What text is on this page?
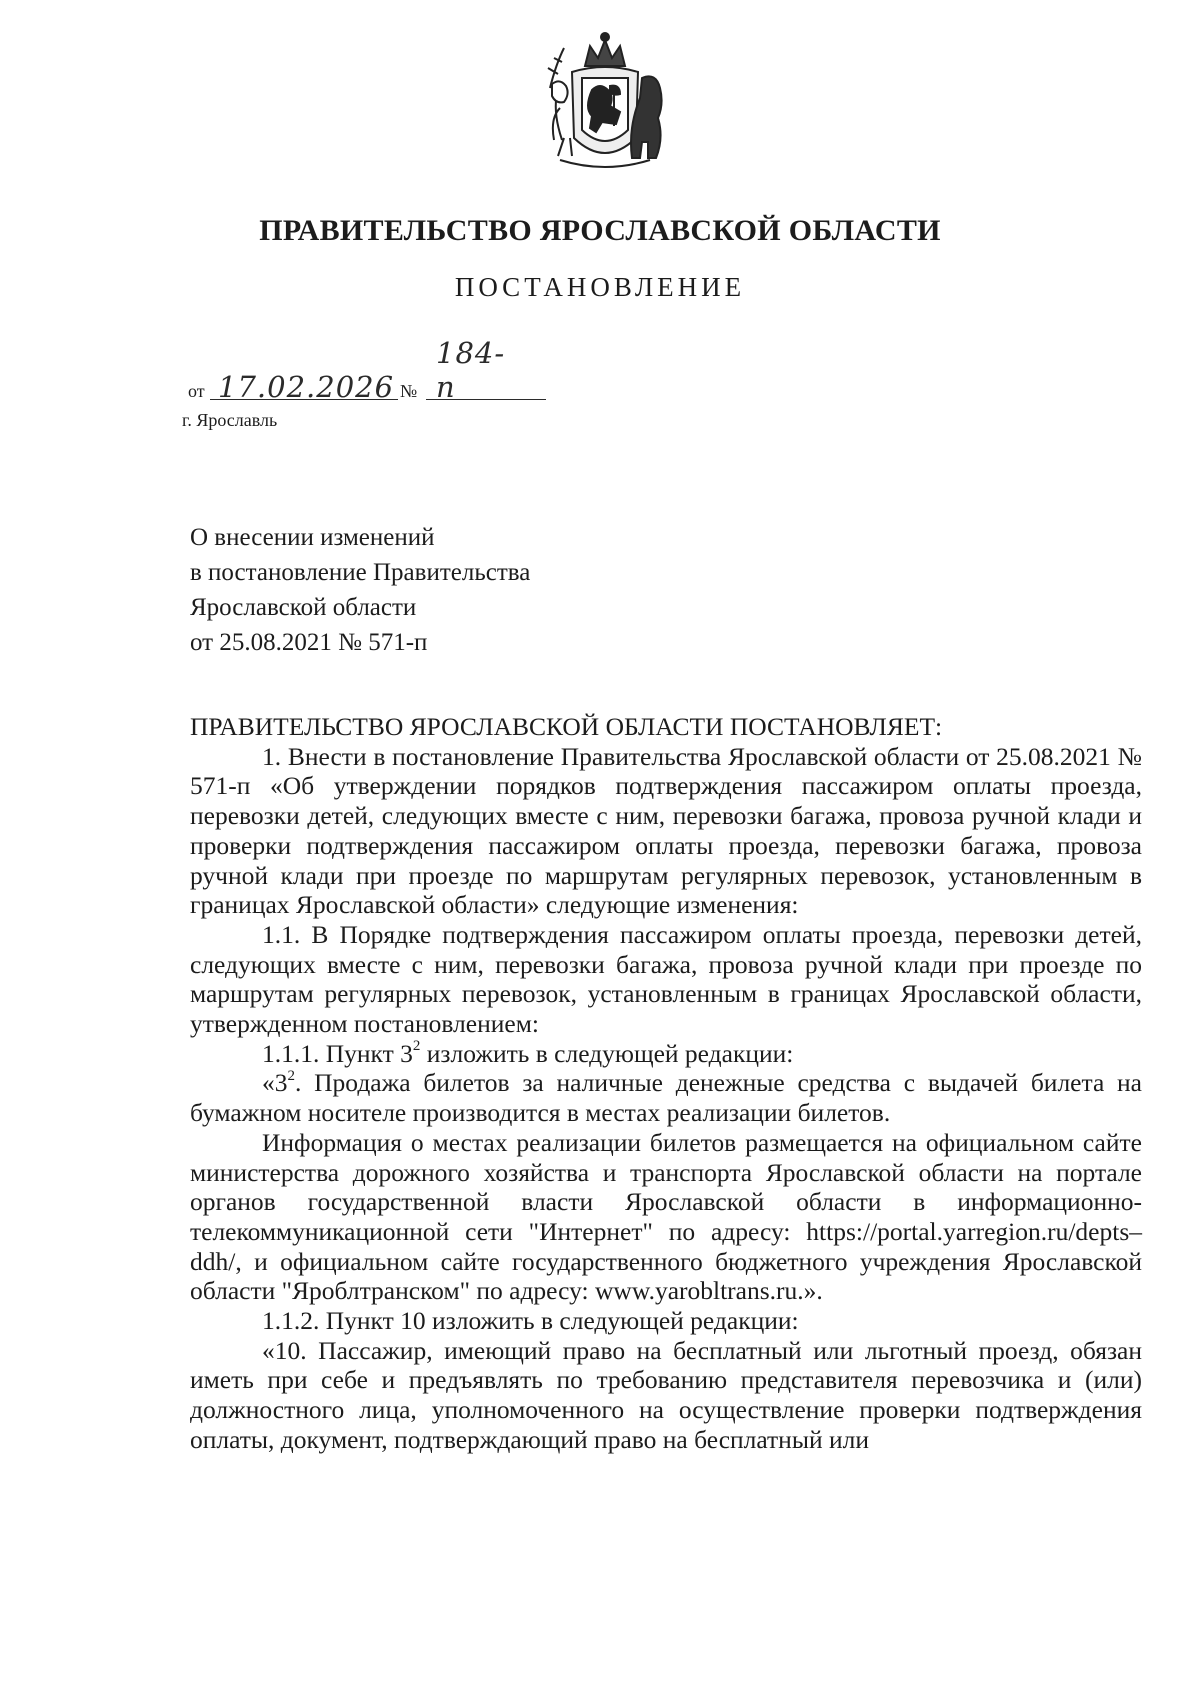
ПРАВИТЕЛЬСТВО ЯРОСЛАВСКОЙ ОБЛАСТИ
ПОСТАНОВЛЕНИЕ
от 17.02.2026 №
184-п
г. Ярославль
О внесении изменений
в постановление Правительства
Ярославской области
от 25.08.2021 № 571-п

ПРАВИТЕЛЬСТВО ЯРОСЛАВСКОЙ ОБЛАСТИ ПОСТАНОВЛЯЕТ:

1. Внести в постановление Правительства Ярославской области от 25.08.2021 № 571-п «Об утверждении порядков подтверждения пассажиром оплаты проезда, перевозки детей, следующих вместе с ним, перевозки багажа, провоза ручной клади и проверки подтверждения пассажиром оплаты проезда, перевозки багажа, провоза ручной клади при проезде по маршрутам регулярных перевозок, установленным в границах Ярославской области» следующие изменения:

1.1. В Порядке подтверждения пассажиром оплаты проезда, перевозки детей, следующих вместе с ним, перевозки багажа, провоза ручной клади при проезде по маршрутам регулярных перевозок, установленным в границах Ярославской области, утвержденном постановлением:

1.1.1. Пункт $3^2$ изложить в следующей редакции:

«$3^2$. Продажа билетов за наличные денежные средства с выдачей билета на бумажном носителе производится в местах реализации билетов.

Информация о местах реализации билетов размещается на официальном сайте министерства дорожного хозяйства и транспорта Ярославской области на портале органов государственной власти Ярославской области в информационно-телекоммуникационной сети "Интернет" по адресу: https://portal.yarregion.ru/depts–ddh/, и официальном сайте государственного бюджетного учреждения Ярославской области "Яроблтранском" по адресу: www.yarobltrans.ru.».

1.1.2. Пункт 10 изложить в следующей редакции:

«10. Пассажир, имеющий право на бесплатный или льготный проезд, обязан иметь при себе и предъявлять по требованию представителя перевозчика и (или) должностного лица, уполномоченного на осуществление проверки подтверждения оплаты, документ, подтверждающий право на бесплатный или
